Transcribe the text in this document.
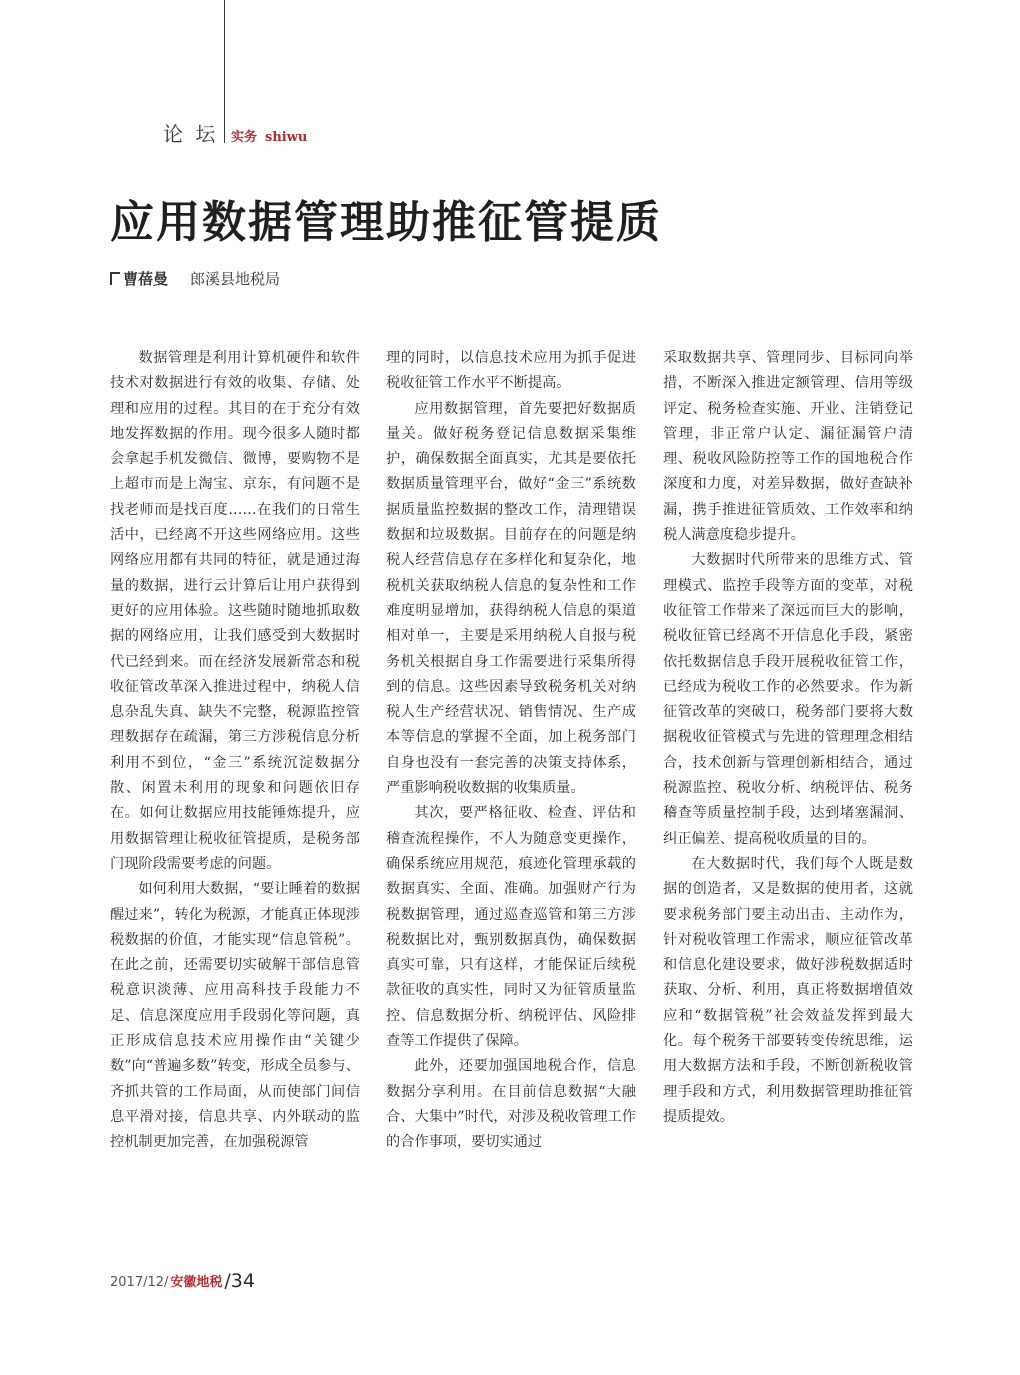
论 坛 实务 shiwu
应用数据管理助推征管提质
曹蓓曼 郎溪县地税局

数据管理是利用计算机硬件和软件技术对数据进行有效的收集、存储、处理和应用的过程。其目的在于充分有效地发挥数据的作用。现今很多人随时都会拿起手机发微信、微博，要购物不是上超市而是上淘宝、京东，有问题不是找老师而是找百度……在我们的日常生活中，已经离不开这些网络应用。这些网络应用都有共同的特征，就是通过海量的数据，进行云计算后让用户获得到更好的应用体验。这些随时随地抓取数据的网络应用，让我们感受到大数据时代已经到来。而在经济发展新常态和税收征管改革深入推进过程中，纳税人信息杂乱失真、缺失不完整，税源监控管理数据存在疏漏，第三方涉税信息分析利用不到位，“金三”系统沉淀数据分散、闲置未利用的现象和问题依旧存在。如何让数据应用技能锤炼提升，应用数据管理让税收征管提质，是税务部门现阶段需要考虑的问题。

如何利用大数据，“要让睡着的数据醒过来”，转化为税源，才能真正体现涉税数据的价值，才能实现“信息管税”。在此之前，还需要切实破解干部信息管税意识淡薄、应用高科技手段能力不足、信息深度应用手段弱化等问题，真正形成信息技术应用操作由“关键少数”向“普遍多数”转变，形成全员参与、齐抓共管的工作局面，从而使部门间信息平滑对接，信息共享、内外联动的监控机制更加完善，在加强税源管

理的同时，以信息技术应用为抓手促进税收征管工作水平不断提高。

应用数据管理，首先要把好数据质量关。做好税务登记信息数据采集维护，确保数据全面真实，尤其是要依托数据质量管理平台，做好“金三”系统数据质量监控数据的整改工作，清理错误数据和垃圾数据。目前存在的问题是纳税人经营信息存在多样化和复杂化，地税机关获取纳税人信息的复杂性和工作难度明显增加，获得纳税人信息的渠道相对单一，主要是采用纳税人自报与税务机关根据自身工作需要进行采集所得到的信息。这些因素导致税务机关对纳税人生产经营状况、销售情况、生产成本等信息的掌握不全面，加上税务部门自身也没有一套完善的决策支持体系，严重影响税收数据的收集质量。

其次，要严格征收、检查、评估和稽查流程操作，不人为随意变更操作，确保系统应用规范，痕迹化管理承载的数据真实、全面、准确。加强财产行为税数据管理，通过巡查巡管和第三方涉税数据比对，甄别数据真伪，确保数据真实可靠，只有这样，才能保证后续税款征收的真实性，同时又为征管质量监控、信息数据分析、纳税评估、风险排查等工作提供了保障。

此外，还要加强国地税合作，信息数据分享利用。在目前信息数据“大融合、大集中”时代，对涉及税收管理工作的合作事项，要切实通过

采取数据共享、管理同步、目标同向举措，不断深入推进定额管理、信用等级评定、税务检查实施、开业、注销登记管理，非正常户认定、漏征漏管户清理、税收风险防控等工作的国地税合作深度和力度，对差异数据，做好查缺补漏，携手推进征管质效、工作效率和纳税人满意度稳步提升。

大数据时代所带来的思维方式、管理模式、监控手段等方面的变革，对税收征管工作带来了深远而巨大的影响，税收征管已经离不开信息化手段，紧密依托数据信息手段开展税收征管工作，已经成为税收工作的必然要求。作为新征管改革的突破口，税务部门要将大数据税收征管模式与先进的管理理念相结合，技术创新与管理创新相结合，通过税源监控、税收分析、纳税评估、税务稽查等质量控制手段，达到堵塞漏洞、纠正偏差、提高税收质量的目的。

在大数据时代，我们每个人既是数据的创造者，又是数据的使用者，这就要求税务部门要主动出击、主动作为，针对税收管理工作需求，顺应征管改革和信息化建设要求，做好涉税数据适时获取、分析、利用，真正将数据增值效应和“数据管税”社会效益发挥到最大化。每个税务干部要转变传统思维，运用大数据方法和手段，不断创新税收管理手段和方式，利用数据管理助推征管提质提效。

2017/12/ 安徽地税 /34
